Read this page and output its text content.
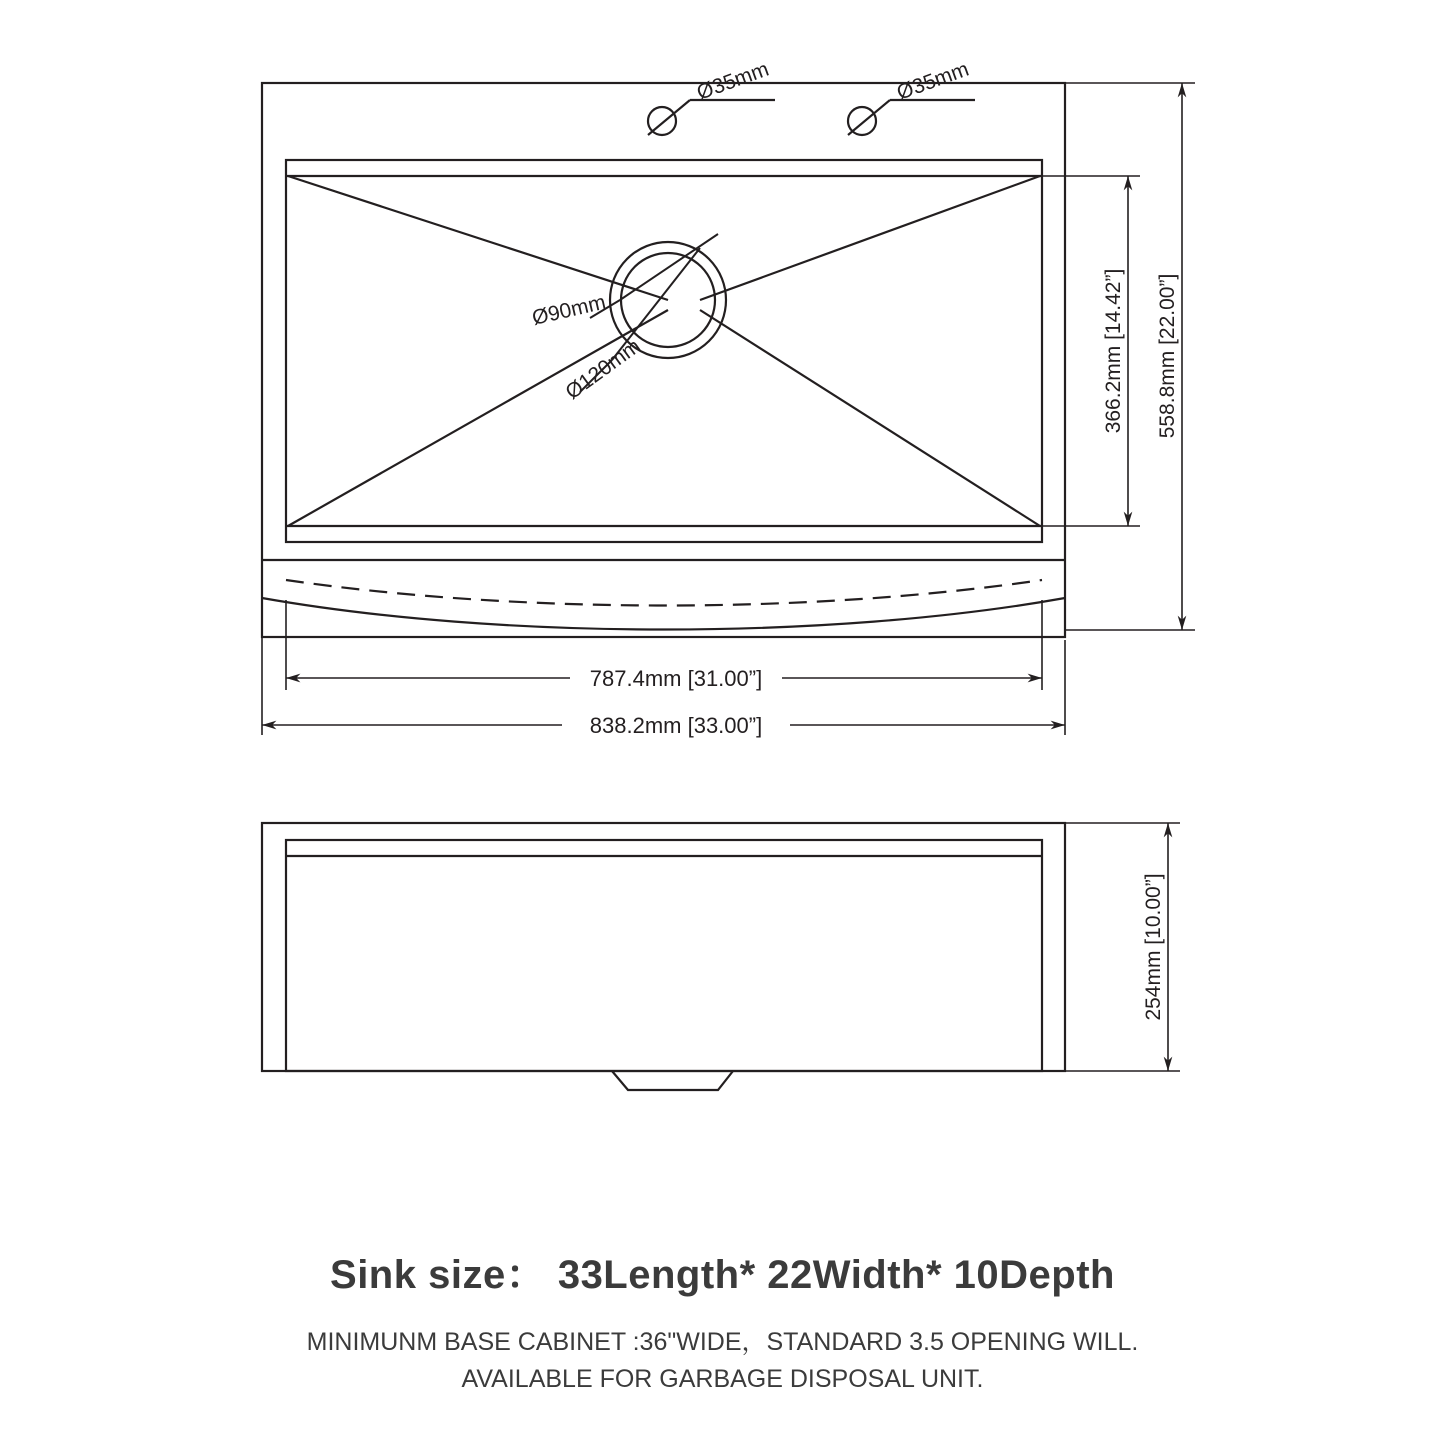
Ø35mm	Ø35mm
Ø90mm
Ø120mm	366.2mm [14.42”] 558.8mm [22.00”]
787.4mm [31.00”]
838.2mm [33.00”]
254mm [10.00”]
Sink size： 33Length* 22Width* 10Depth
MINIMUNM BASE CABINET :36"WIDE，STANDARD 3.5 OPENING WILL.
AVAILABLE FOR GARBAGE DISPOSAL UNIT.
